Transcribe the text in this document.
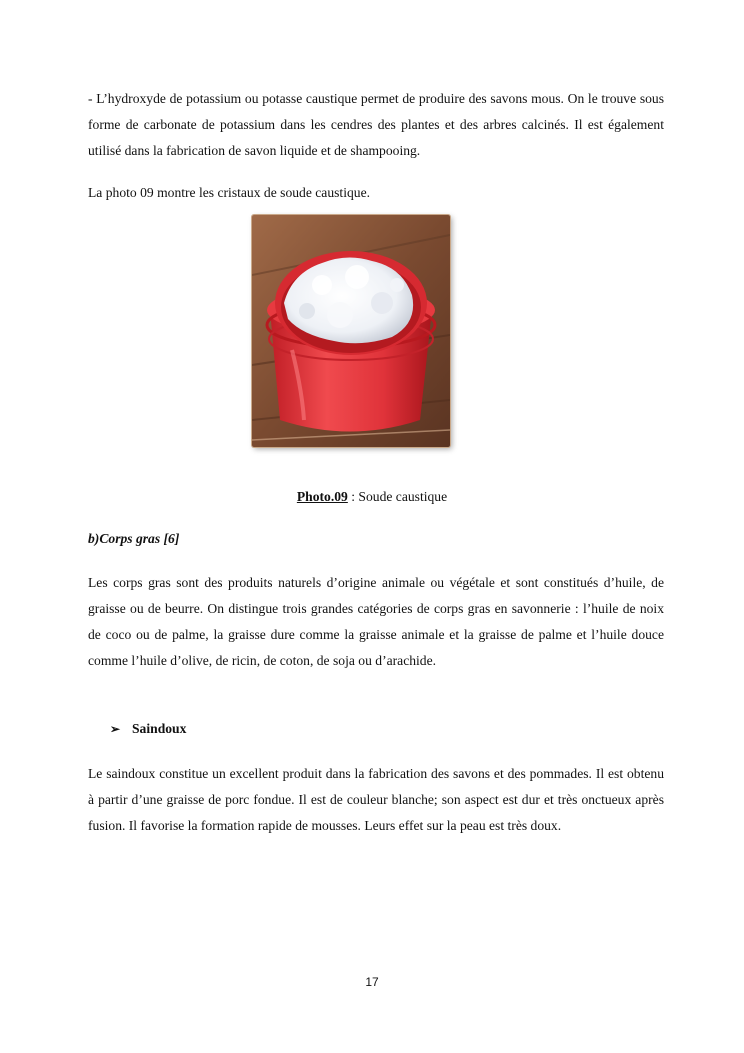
- L’hydroxyde de potassium ou potasse caustique permet de produire des savons mous. On le trouve sous forme de carbonate de potassium dans les cendres des plantes et des arbres calcinés. Il est également utilisé dans la fabrication de savon liquide et de shampooing.

La photo 09 montre les cristaux de soude caustique.

Photo.09 : Soude caustique
b)Corps gras [6]

Les corps gras sont des produits naturels d’origine animale ou végétale et sont constitués d’huile, de graisse ou de beurre. On distingue trois grandes catégories de corps gras en savonnerie : l’huile de noix de coco ou de palme, la graisse dure comme la graisse animale et la graisse de palme et l’huile douce comme l’huile d’olive, de ricin, de coton, de soja ou d’arachide.

➢ Saindoux

Le saindoux constitue un excellent produit dans la fabrication des savons et des pommades. Il est obtenu à partir d’une graisse de porc fondue. Il est de couleur blanche; son aspect est dur et très onctueux après fusion. Il favorise la formation rapide de mousses. Leurs effet sur la peau est très doux.

17
